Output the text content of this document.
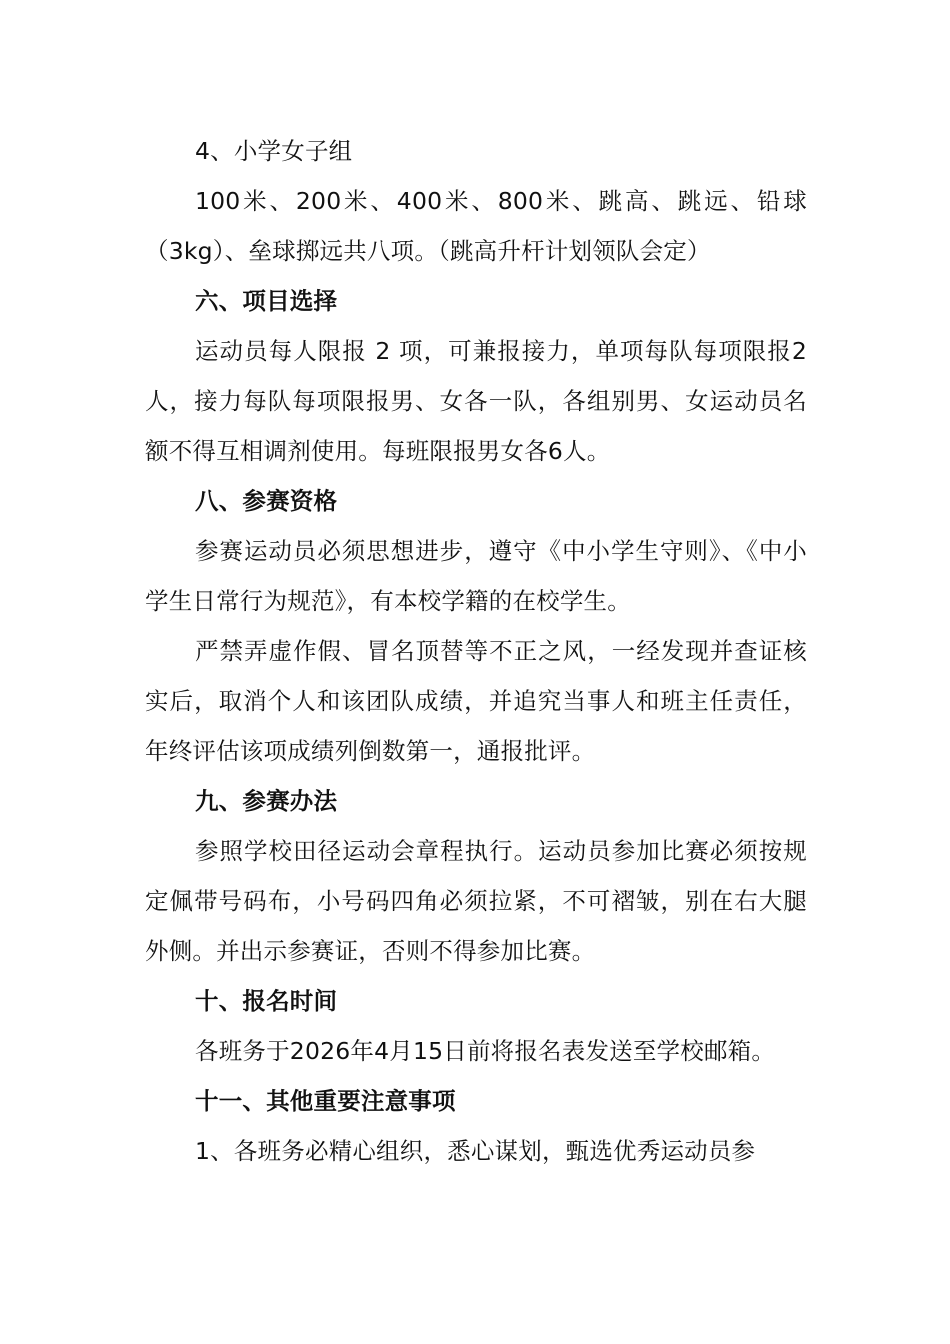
4、小学女子组

100米、200米、400米、800米、跳高、跳远、铅球（3kg）、垒球掷远共八项。（跳高升杆计划领队会定）

六、项目选择

运动员每人限报 2 项，可兼报接力，单项每队每项限报2人，接力每队每项限报男、女各一队，各组别男、女运动员名额不得互相调剂使用。每班限报男女各6人。

八、参赛资格

参赛运动员必须思想进步，遵守《中小学生守则》、《中小学生日常行为规范》，有本校学籍的在校学生。

严禁弄虚作假、冒名顶替等不正之风，一经发现并查证核实后，取消个人和该团队成绩，并追究当事人和班主任责任，年终评估该项成绩列倒数第一，通报批评。

九、参赛办法

参照学校田径运动会章程执行。运动员参加比赛必须按规定佩带号码布，小号码四角必须拉紧，不可褶皱，别在右大腿外侧。并出示参赛证，否则不得参加比赛。

十、报名时间

各班务于2026年4月15日前将报名表发送至学校邮箱。

十一、其他重要注意事项

1、各班务必精心组织，悉心谋划，甄选优秀运动员参
